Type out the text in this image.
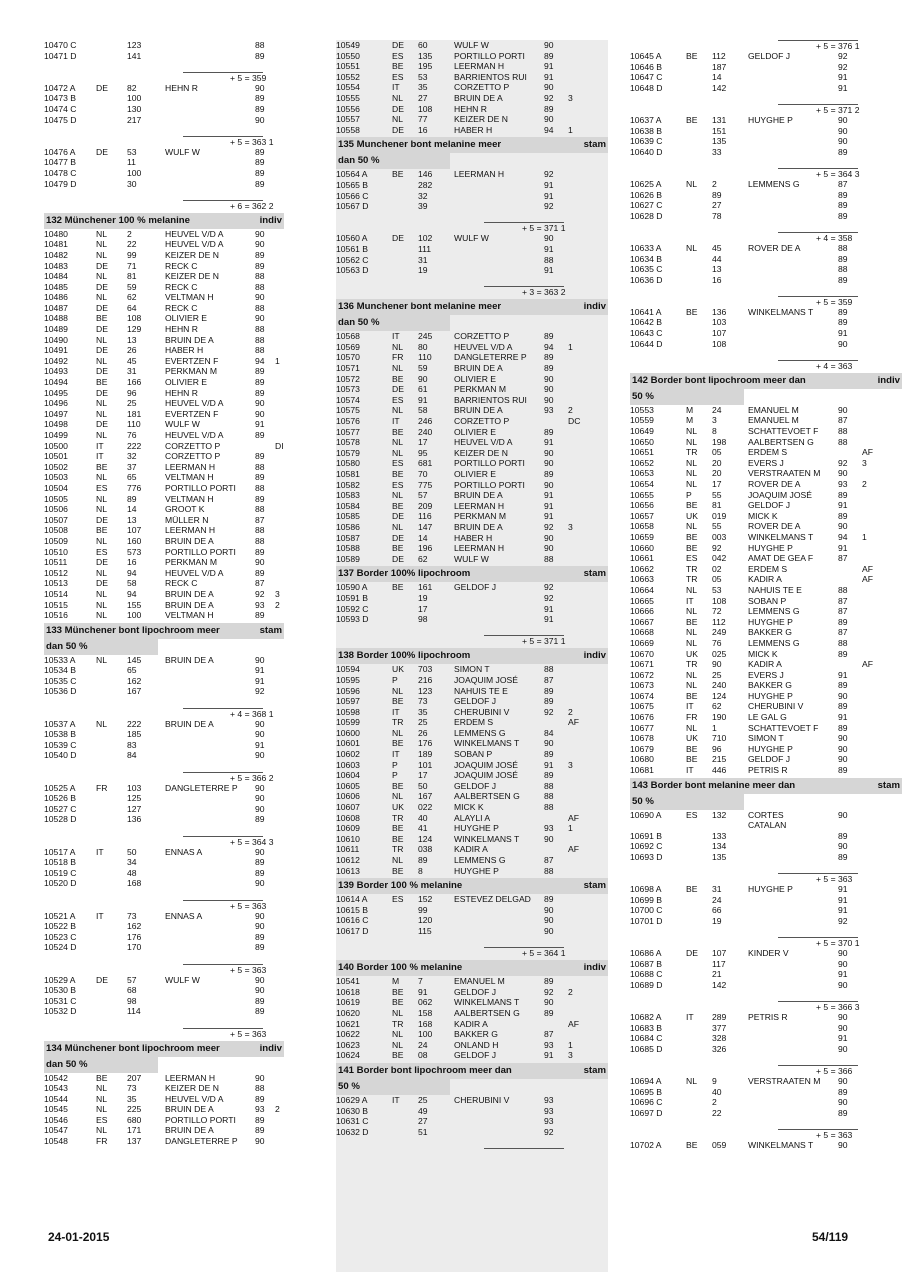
10470 C	123	88
10471 D	141	89
+ 5 = 359
10472 A	DE	82	HEHN R	90
10473 B	100	89
10474 C	130	89
10475 D	217	90
+ 5 = 363 1
10476 A	DE	53	WULF W	89
10477 B	11	89
10478 C	100	89
10479 D	30	89
+ 6 = 362 2
132 Münchener 100 % melanine	indiv
10480	NL	2	HEUVEL V/D A	90
10481	NL	22	HEUVEL V/D A	90
10482	NL	99	KEIZER DE N	89
10483	DE	71	RECK C	89
10484	NL	81	KEIZER DE N	88
10485	DE	59	RECK C	88
10486	NL	62	VELTMAN H	90
10487	DE	64	RECK C	88
10488	BE	108	OLIVIER E	90
10489	DE	129	HEHN R	88
10490	NL	13	BRUIN DE A	88
10491	DE	26	HABER H	88
10492	NL	45	EVERTZEN F	94	1
10493	DE	31	PERKMAN M	89
10494	BE	166	OLIVIER E	89
10495	DE	96	HEHN R	89
10496	NL	25	HEUVEL V/D A	90
10497	NL	181	EVERTZEN F	90
10498	DE	110	WULF W	91
10499	NL	76	HEUVEL V/D A	89
10500	IT	222	CORZETTO P	DI
10501	IT	32	CORZETTO P	89
10502	BE	37	LEERMAN H	88
10503	NL	65	VELTMAN H	89
10504	ES	776	PORTILLO PORTI	88
10505	NL	89	VELTMAN H	89
10506	NL	14	GROOT K	88
10507	DE	13	MÜLLER N	87
10508	BE	107	LEERMAN H	88
10509	NL	160	BRUIN DE A	88
10510	ES	573	PORTILLO PORTI	89
10511	DE	16	PERKMAN M	90
10512	NL	94	HEUVEL V/D A	89
10513	DE	58	RECK C	87
10514	NL	94	BRUIN DE A	92	3
10515	NL	155	BRUIN DE A	93	2
10516	NL	100	VELTMAN H	89
133 Münchener bont lipochroom meer	stam
dan 50 %
10533 A	NL	145	BRUIN DE A	90
10534 B	65	91
10535 C	162	91
10536 D	167	92
+ 4 = 368 1
10537 A	NL	222	BRUIN DE A	90
10538 B	185	90
10539 C	83	91
10540 D	84	90
+ 5 = 366 2
10525 A	FR	103	DANGLETERRE P	90
10526 B	125	90
10527 C	127	90
10528 D	136	89
+ 5 = 364 3
10517 A	IT	50	ENNAS A	90
10518 B	34	89
10519 C	48	89
10520 D	168	90
+ 5 = 363
10521 A	IT	73	ENNAS A	90
10522 B	162	90
10523 C	176	89
10524 D	170	89
+ 5 = 363
10529 A	DE	57	WULF W	90
10530 B	68	90
10531 C	98	89
10532 D	114	89
+ 5 = 363
134 Münchener bont lipochroom meer	indiv
dan 50 %
10542	BE	207	LEERMAN H	90
10543	NL	73	KEIZER DE N	88
10544	NL	35	HEUVEL V/D A	89
10545	NL	225	BRUIN DE A	93	2
10546	ES	680	PORTILLO PORTI	89
10547	NL	171	BRUIN DE A	89
10548	FR	137	DANGLETERRE P	90
10549	DE	60	WULF W	90
10550	ES	135	PORTILLO PORTI	89
10551	BE	195	LEERMAN H	91
10552	ES	53	BARRIENTOS RUI	91
10554	IT	35	CORZETTO P	90
10555	NL	27	BRUIN DE A	92	3
10556	DE	108	HEHN R	89
10557	NL	77	KEIZER DE N	90
10558	DE	16	HABER H	94	1
135 Munchener bont melanine meer	stam
dan 50 %
10564 A	BE	146	LEERMAN H	92
10565 B	282	91
10566 C	32	91
10567 D	39	92
+ 5 = 371 1
10560 A	DE	102	WULF W	90
10561 B	111	91
10562 C	31	88
10563 D	19	91
+ 3 = 363 2
136 Munchener bont melanine meer	indiv
dan 50 %
10568	IT	245	CORZETTO P	89
10569	NL	80	HEUVEL V/D A	94	1
10570	FR	110	DANGLETERRE P	89
10571	NL	59	BRUIN DE A	89
10572	BE	90	OLIVIER E	90
10573	DE	61	PERKMAN M	90
10574	ES	91	BARRIENTOS RUI	90
10575	NL	58	BRUIN DE A	93	2
10576	IT	246	CORZETTO P	DC
10577	BE	240	OLIVIER E	89
10578	NL	17	HEUVEL V/D A	91
10579	NL	95	KEIZER DE N	90
10580	ES	681	PORTILLO PORTI	90
10581	BE	70	OLIVIER E	89
10582	ES	775	PORTILLO PORTI	90
10583	NL	57	BRUIN DE A	91
10584	BE	209	LEERMAN H	91
10585	DE	116	PERKMAN M	91
10586	NL	147	BRUIN DE A	92	3
10587	DE	14	HABER H	90
10588	BE	196	LEERMAN H	90
10589	DE	62	WULF W	88
137 Border 100% lipochroom	stam
10590 A	BE	161	GELDOF J	92
10591 B	19	92
10592 C	17	91
10593 D	98	91
+ 5 = 371 1
138 Border 100% lipochroom	indiv
10594	UK	703	SIMON T	88
10595	P	216	JOAQUIM JOSÉ	87
10596	NL	123	NAHUIS TE E	89
10597	BE	73	GELDOF J	89
10598	IT	35	CHERUBINI V	92	2
10599	TR	25	ERDEM S	AF
10600	NL	26	LEMMENS G	84
10601	BE	176	WINKELMANS T	90
10602	IT	189	SOBAN P	89
10603	P	101	JOAQUIM JOSÉ	91	3
10604	P	17	JOAQUIM JOSÉ	89
10605	BE	50	GELDOF J	88
10606	NL	167	AALBERTSEN G	88
10607	UK	022	MICK K	88
10608	TR	40	ALAYLI A	AF
10609	BE	41	HUYGHE P	93	1
10610	BE	124	WINKELMANS T	90
10611	TR	038	KADIR A	AF
10612	NL	89	LEMMENS G	87
10613	BE	8	HUYGHE P	88
139 Border 100 % melanine	stam
10614 A	ES	152	ESTEVEZ DELGAD	89
10615 B	99	90
10616 C	120	90
10617 D	115	90
+ 5 = 364 1
140 Border 100 % melanine	indiv
10541	M	7	EMANUEL M	89
10618	BE	91	GELDOF J	92	2
10619	BE	062	WINKELMANS T	90
10620	NL	158	AALBERTSEN G	89
10621	TR	168	KADIR A	AF
10622	NL	100	BAKKER G	87
10623	NL	24	ONLAND H	93	1
10624	BE	08	GELDOF J	91	3
141 Border bont lipochroom meer dan	stam
50 %
10629 A	IT	25	CHERUBINI V	93
10630 B	49	93
10631 C	27	93
10632 D	51	92
+ 5 = 376 1
10645 A	BE	112	GELDOF J	92
10646 B	187	92
10647 C	14	91
10648 D	142	91
+ 5 = 371 2
10637 A	BE	131	HUYGHE P	90
10638 B	151	90
10639 C	135	90
10640 D	33	89
+ 5 = 364 3
10625 A	NL	2	LEMMENS G	87
10626 B	89	89
10627 C	27	89
10628 D	78	89
+ 4 = 358
10633 A	NL	45	ROVER DE A	88
10634 B	44	89
10635 C	13	88
10636 D	16	89
+ 5 = 359
10641 A	BE	136	WINKELMANS T	89
10642 B	103	89
10643 C	107	91
10644 D	108	90
+ 4 = 363
142 Border bont lipochroom meer dan	indiv
50 %
10553	M	24	EMANUEL M	90
10559	M	3	EMANUEL M	87
10649	NL	8	SCHATTEVOET F	88
10650	NL	198	AALBERTSEN G	88
10651	TR	05	ERDEM S	AF
10652	NL	20	EVERS J	92	3
10653	NL	20	VERSTRAATEN M	90
10654	NL	17	ROVER DE A	93	2
10655	P	55	JOAQUIM JOSÉ	89
10656	BE	81	GELDOF J	91
10657	UK	019	MICK K	89
10658	NL	55	ROVER DE A	90
10659	BE	003	WINKELMANS T	94	1
10660	BE	92	HUYGHE P	91
10661	ES	042	AMAT DE GEA F	87
10662	TR	02	ERDEM S	AF
10663	TR	05	KADIR A	AF
10664	NL	53	NAHUIS TE E	88
10665	IT	108	SOBAN P	87
10666	NL	72	LEMMENS G	87
10667	BE	112	HUYGHE P	89
10668	NL	249	BAKKER G	87
10669	NL	76	LEMMENS G	88
10670	UK	025	MICK K	89
10671	TR	90	KADIR A	AF
10672	NL	25	EVERS J	91
10673	NL	240	BAKKER G	89
10674	BE	124	HUYGHE P	90
10675	IT	62	CHERUBINI V	89
10676	FR	190	LE GAL G	91
10677	NL	1	SCHATTEVOET F	89
10678	UK	710	SIMON T	90
10679	BE	96	HUYGHE P	90
10680	BE	215	GELDOF J	90
10681	IT	446	PETRIS R	89
143 Border bont melanine meer dan	stam
50 %
10690 A	ES	132	CORTES	90
CATALAN
10691 B	133	89
10692 C	134	90
10693 D	135	89
+ 5 = 363
10698 A	BE	31	HUYGHE P	91
10699 B	24	91
10700 C	66	91
10701 D	19	92
+ 5 = 370 1
10686 A	DE	107	KINDER V	90
10687 B	117	90
10688 C	21	91
10689 D	142	90
+ 5 = 366 3
10682 A	IT	289	PETRIS R	90
10683 B	377	90
10684 C	328	91
10685 D	326	90
+ 5 = 366
10694 A	NL	9	VERSTRAATEN M	90
10695 B	40	89
10696 C	2	90
10697 D	22	89
+ 5 = 363
10702 A	BE	059	WINKELMANS T	90
24-01-2015	54/119
